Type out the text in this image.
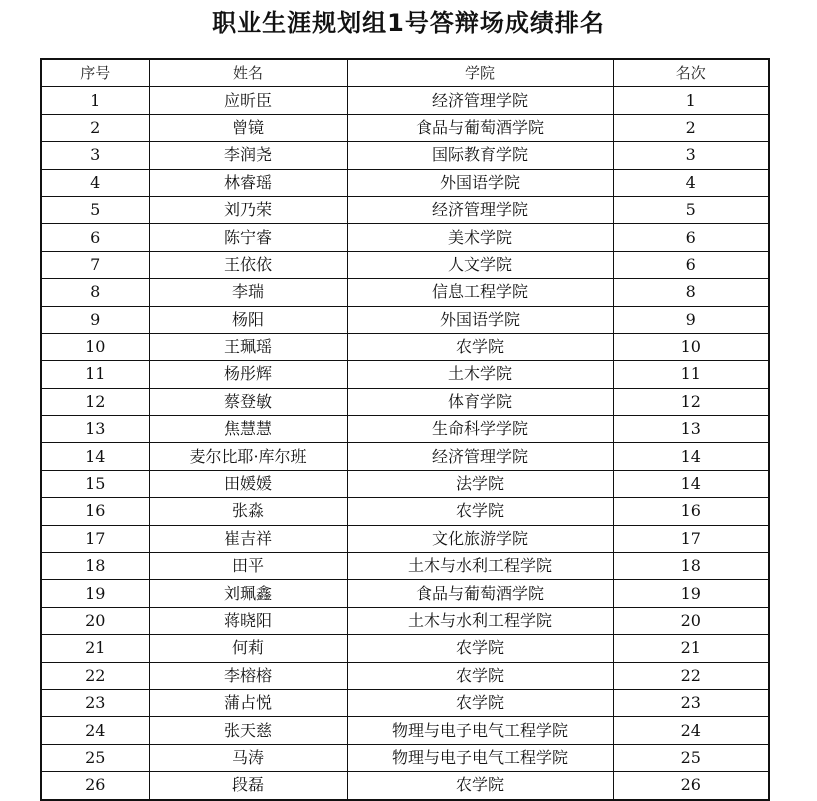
职业生涯规划组1号答辩场成绩排名
序号	姓名	学院	名次
1	应昕臣	经济管理学院	1
2	曾镜	食品与葡萄酒学院	2
3	李润尧	国际教育学院	3
4	林睿瑶	外国语学院	4
5	刘乃荣	经济管理学院	5
6	陈宁睿	美术学院	6
7	王依依	人文学院	6
8	李瑞	信息工程学院	8
9	杨阳	外国语学院	9
10	王珮瑶	农学院	10
11	杨彤辉	土木学院	11
12	蔡登敏	体育学院	12
13	焦慧慧	生命科学学院	13
14	麦尔比耶·库尔班	经济管理学院	14
15	田媛媛	法学院	14
16	张淼	农学院	16
17	崔吉祥	文化旅游学院	17
18	田平	土木与水利工程学院	18
19	刘珮鑫	食品与葡萄酒学院	19
20	蒋晓阳	土木与水利工程学院	20
21	何莉	农学院	21
22	李榕榕	农学院	22
23	蒲占悦	农学院	23
24	张天慈	物理与电子电气工程学院	24
25	马涛	物理与电子电气工程学院	25
26	段磊	农学院	26
